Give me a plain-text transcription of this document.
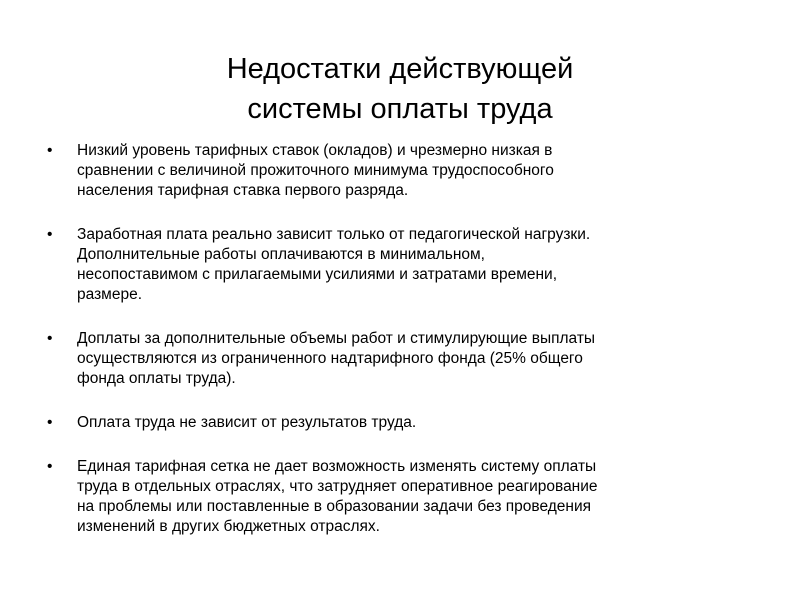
Недостатки действующей
системы оплаты труда
• Низкий уровень тарифных ставок (окладов) и чрезмерно низкая в
сравнении с величиной прожиточного минимума трудоспособного
населения тарифная ставка первого разряда.
• Заработная плата реально зависит только от педагогической нагрузки.
Дополнительные работы оплачиваются в минимальном,
несопоставимом с прилагаемыми усилиями и затратами времени,
размере.
• Доплаты за дополнительные объемы работ и стимулирующие выплаты
осуществляются из ограниченного надтарифного фонда (25% общего
фонда оплаты труда).
• Оплата труда не зависит от результатов труда.
• Единая тарифная сетка не дает возможность изменять систему оплаты
труда в отдельных отраслях, что затрудняет оперативное реагирование
на проблемы или поставленные в образовании задачи без проведения
изменений в других бюджетных отраслях.
